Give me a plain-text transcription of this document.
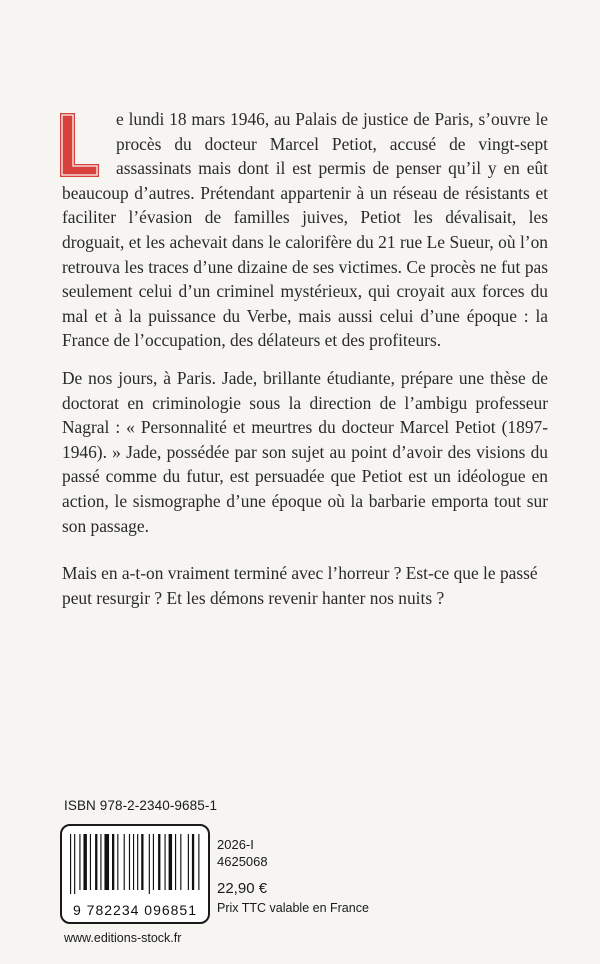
e lundi 18 mars 1946, au Palais de justice de Paris, s’ouvre le procès du docteur Marcel Petiot, accusé de vingt-sept assassinats mais dont il est permis de penser qu’il y en eût beaucoup d’autres. Prétendant appartenir à un réseau de résistants et faciliter l’évasion de familles juives, Petiot les dévalisait, les droguait, et les achevait dans le calorifère du 21 rue Le Sueur, où l’on retrouva les traces d’une dizaine de ses victimes. Ce procès ne fut pas seulement celui d’un criminel mystérieux, qui croyait aux forces du mal et à la puissance du Verbe, mais aussi celui d’une époque : la France de l’occupation, des délateurs et des profiteurs.

De nos jours, à Paris. Jade, brillante étudiante, prépare une thèse de doctorat en criminologie sous la direction de l’ambigu professeur Nagral : « Personnalité et meurtres du docteur Marcel Petiot (1897-1946). » Jade, possédée par son sujet au point d’avoir des visions du passé comme du futur, est persuadée que Petiot est un idéologue en action, le sismographe d’une époque où la barbarie emporta tout sur son passage.

Mais en a-t-on vraiment terminé avec l’horreur ? Est-ce que le passé peut resurgir ? Et les démons revenir hanter nos nuits ?

ISBN 978-2-2340-9685-1

9 782234 096851

www.editions-stock.fr

2026-I

4625068

22,90 €

Prix TTC valable en France
